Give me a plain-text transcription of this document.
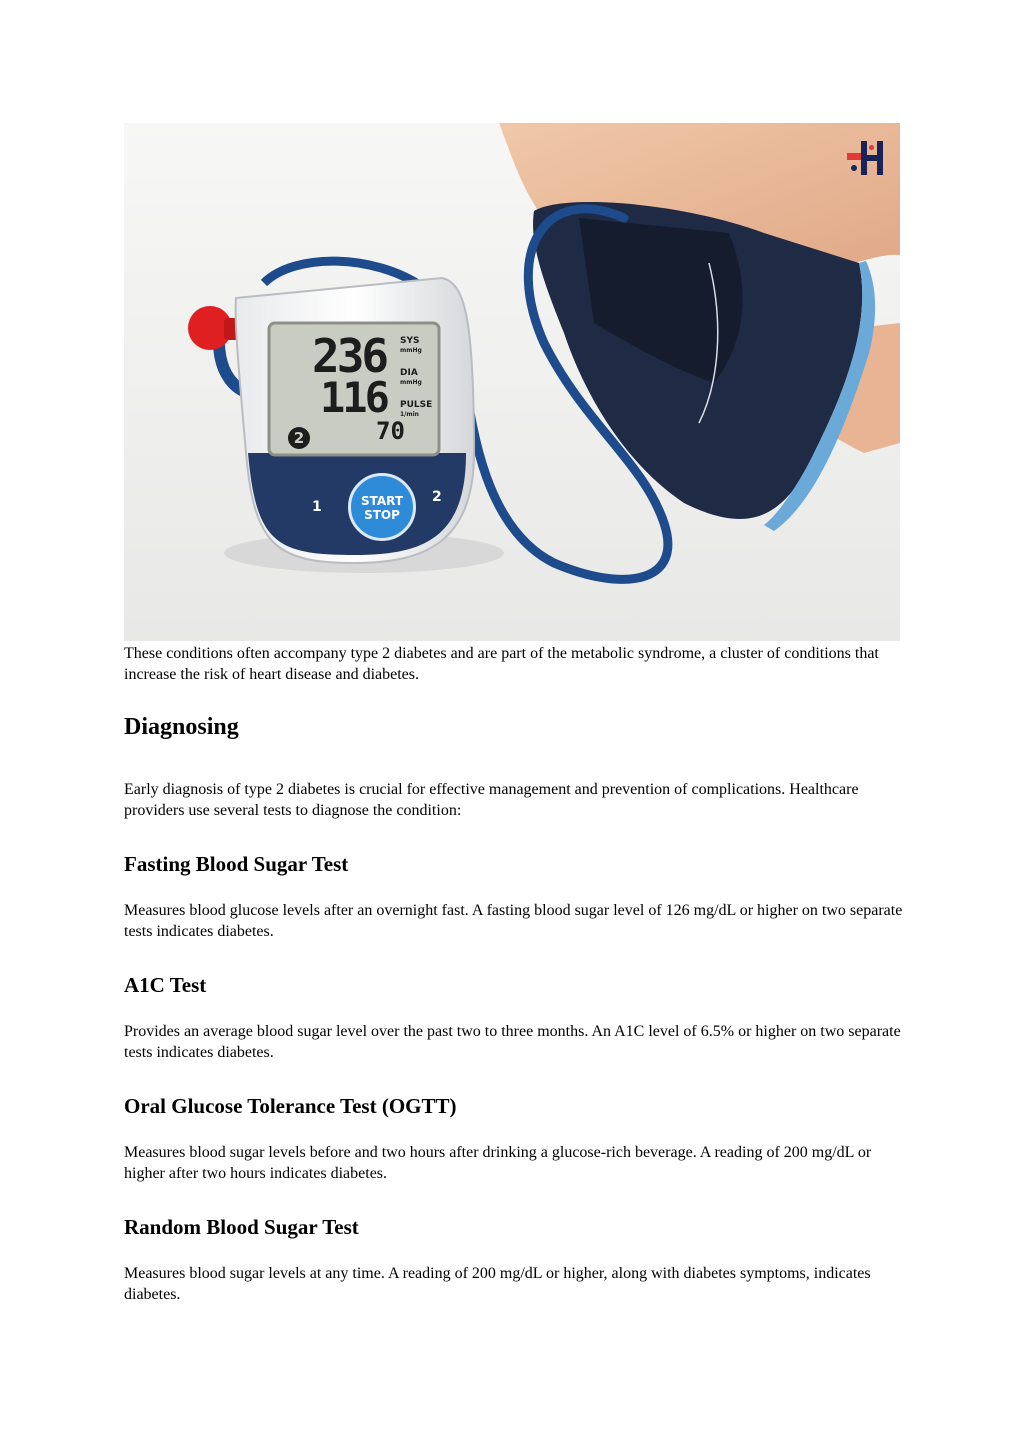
236
116
70
2
SYS
mmHg
DIA
mmHg
PULSE
1/min
START
STOP
1
2

These conditions often accompany type 2 diabetes and are part of the metabolic syndrome, a cluster of conditions that increase the risk of heart disease and diabetes.

Diagnosing

Early diagnosis of type 2 diabetes is crucial for effective management and prevention of complications. Healthcare providers use several tests to diagnose the condition:

Fasting Blood Sugar Test

Measures blood glucose levels after an overnight fast. A fasting blood sugar level of 126 mg/dL or higher on two separate tests indicates diabetes.

A1C Test

Provides an average blood sugar level over the past two to three months. An A1C level of 6.5% or higher on two separate tests indicates diabetes.

Oral Glucose Tolerance Test (OGTT)

Measures blood sugar levels before and two hours after drinking a glucose-rich beverage. A reading of 200 mg/dL or higher after two hours indicates diabetes.

Random Blood Sugar Test

Measures blood sugar levels at any time. A reading of 200 mg/dL or higher, along with diabetes symptoms, indicates diabetes.
